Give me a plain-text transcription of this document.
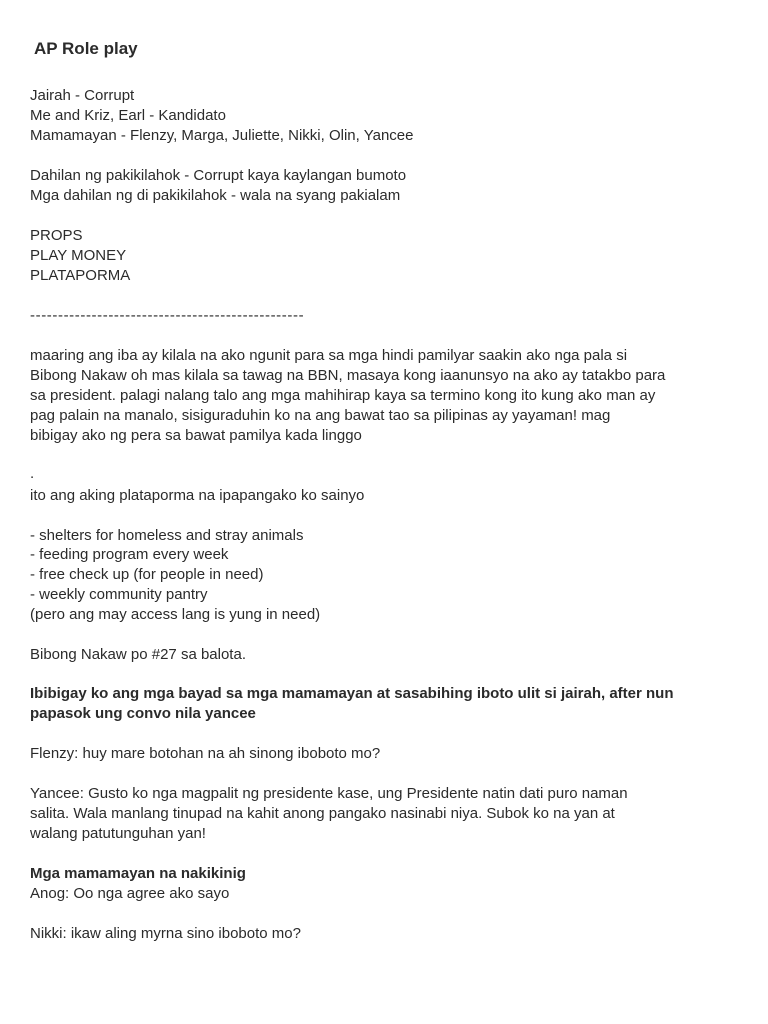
AP Role play
Jairah - Corrupt
Me and Kriz, Earl - Kandidato
Mamamayan - Flenzy, Marga, Juliette, Nikki, Olin, Yancee
Dahilan ng pakikilahok - Corrupt kaya kaylangan bumoto
Mga dahilan ng di pakikilahok - wala na syang pakialam
PROPS
PLAY MONEY
PLATAPORMA
-------------------------------------------------
maaring ang iba ay kilala na ako ngunit para sa mga hindi pamilyar saakin ako nga pala si
Bibong Nakaw oh mas kilala sa tawag na BBN, masaya kong iaanunsyo na ako ay tatakbo para
sa president. palagi nalang talo ang mga mahihirap kaya sa termino kong ito kung ako man ay
pag palain na manalo, sisiguraduhin ko na ang bawat tao sa pilipinas ay yayaman! mag
bibigay ako ng pera sa bawat pamilya kada linggo
.
ito ang aking plataporma na ipapangako ko sainyo
- shelters for homeless and stray animals
- feeding program every week
- free check up (for people in need)
- weekly community pantry
(pero ang may access lang is yung in need)
Bibong Nakaw po #27 sa balota.
Ibibigay ko ang mga bayad sa mga mamamayan at sasabihing iboto ulit si jairah, after nun
papasok ung convo nila yancee
Flenzy: huy mare botohan na ah sinong iboboto mo?
Yancee: Gusto ko nga magpalit ng presidente kase, ung Presidente natin dati puro naman
salita. Wala manlang tinupad na kahit anong pangako nasinabi niya. Subok ko na yan at
walang patutunguhan yan!
Mga mamamayan na nakikinig
Anog: Oo nga agree ako sayo
Nikki: ikaw aling myrna sino iboboto mo?
